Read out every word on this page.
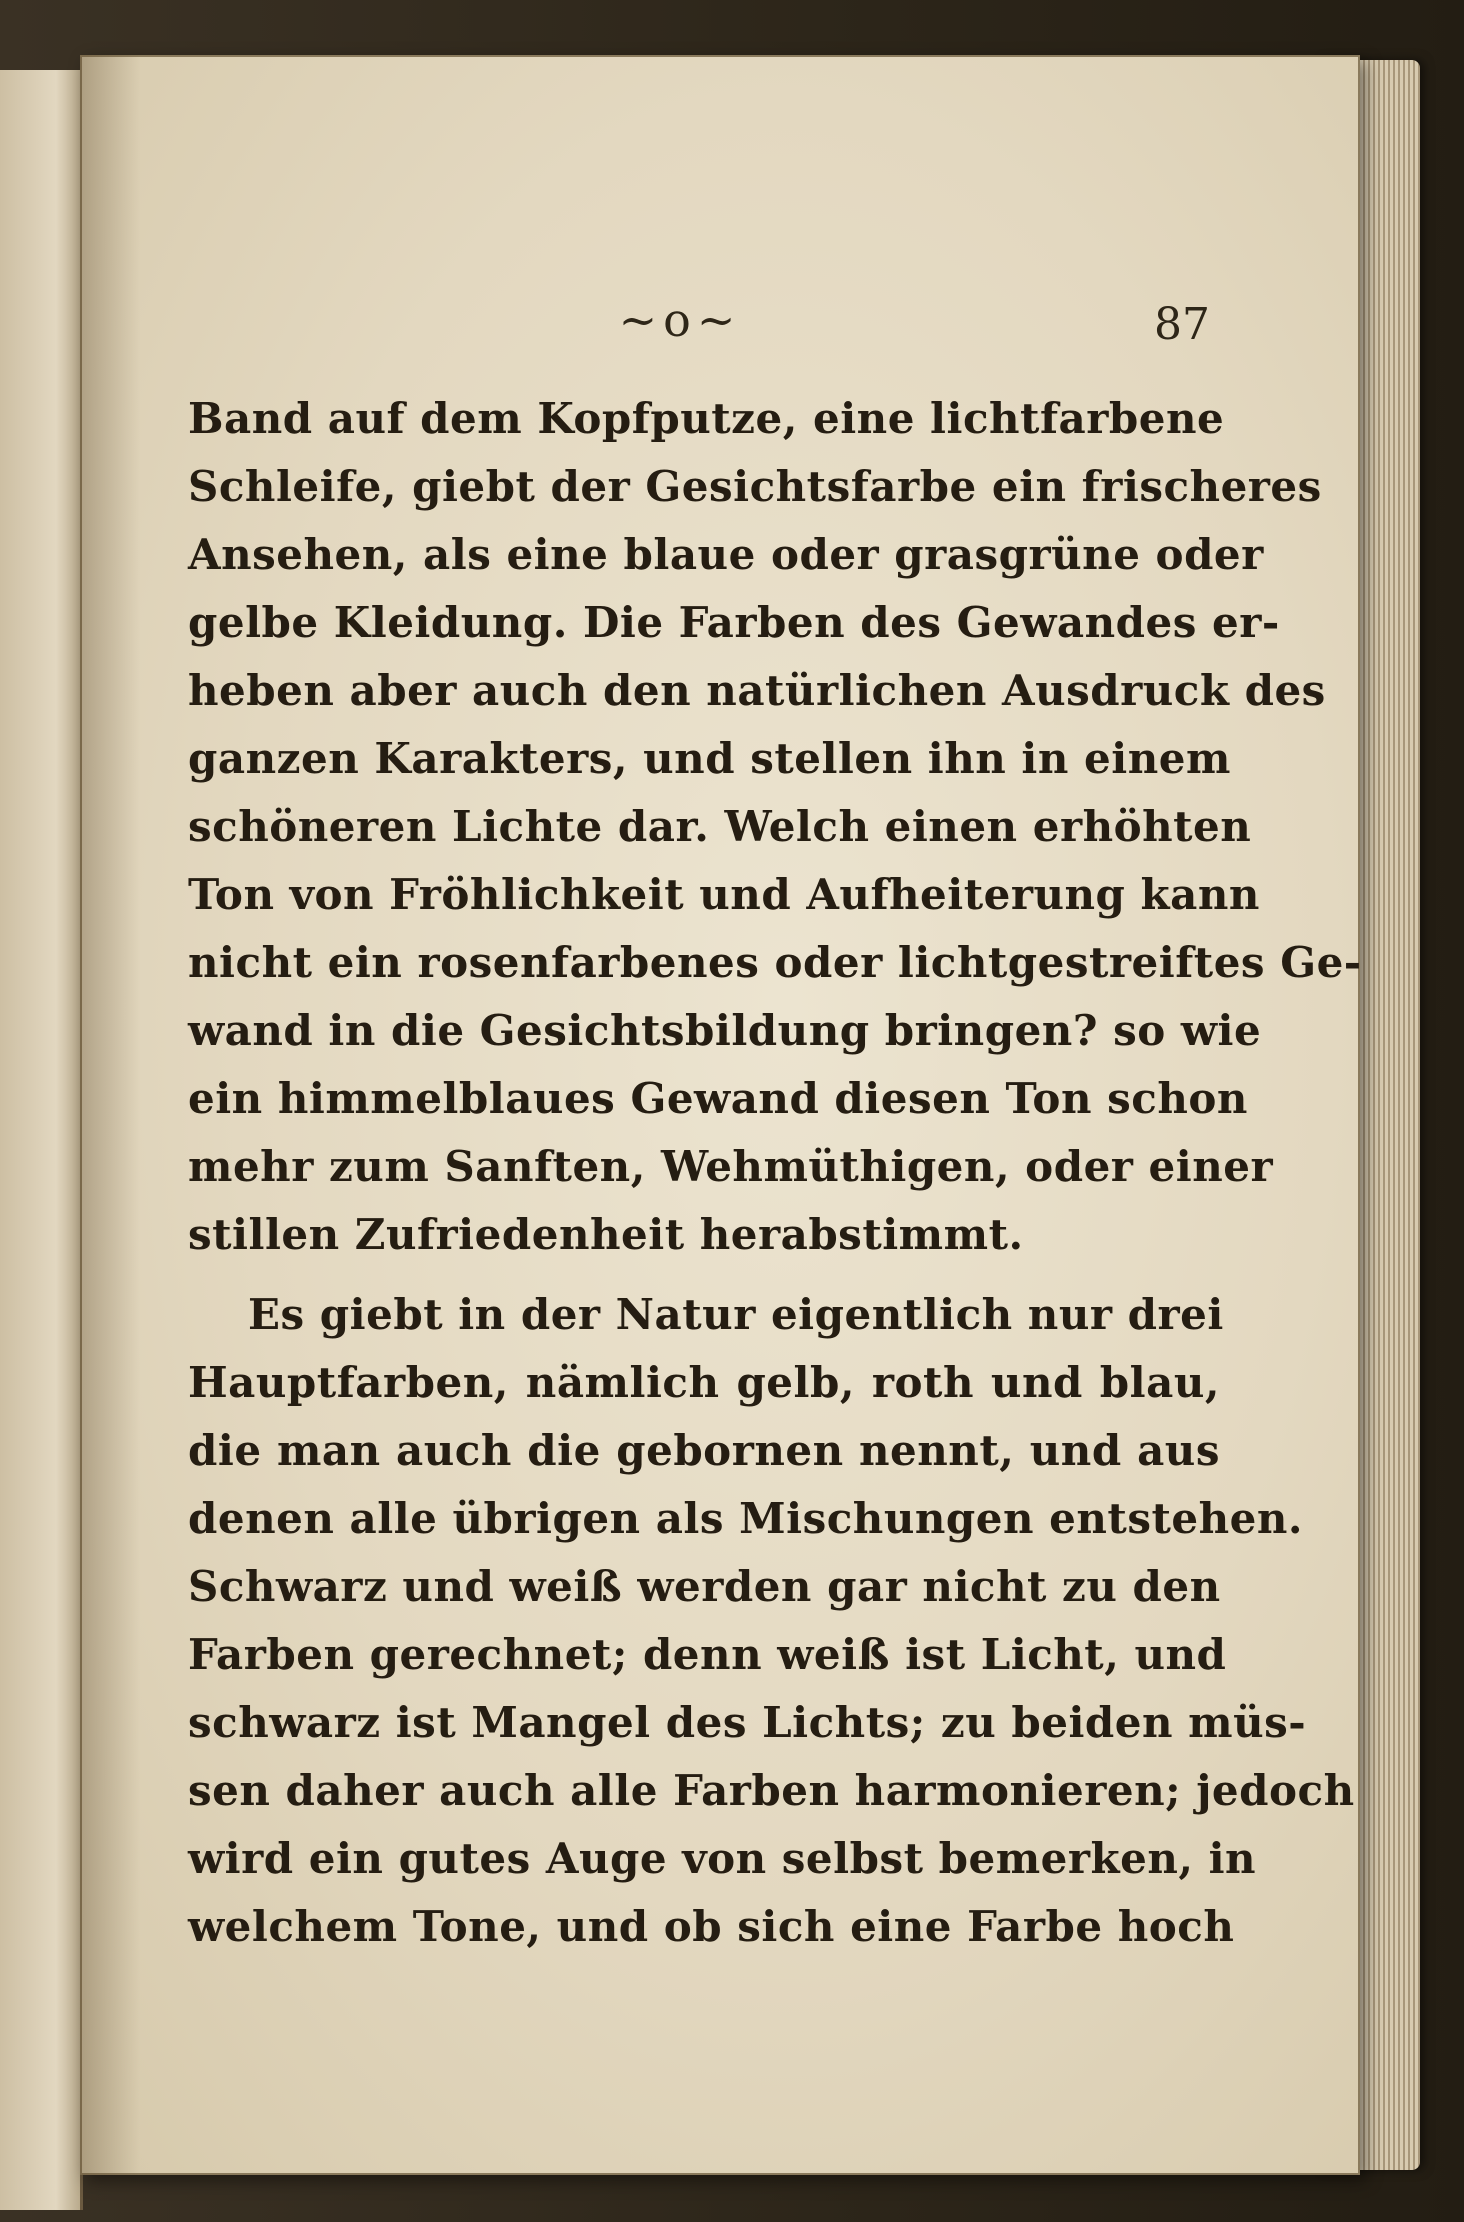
~o~	87
Band auf dem Kopfputze, eine lichtfarbene
Schleife, giebt der Gesichtsfarbe ein frischeres
Ansehen, als eine blaue oder grasgrüne oder
gelbe Kleidung. Die Farben des Gewandes er-
heben aber auch den natürlichen Ausdruck des
ganzen Karakters, und stellen ihn in einem
schöneren Lichte dar. Welch einen erhöhten
Ton von Fröhlichkeit und Aufheiterung kann
nicht ein rosenfarbenes oder lichtgestreiftes Ge-
wand in die Gesichtsbildung bringen? so wie
ein himmelblaues Gewand diesen Ton schon
mehr zum Sanften, Wehmüthigen, oder einer
stillen Zufriedenheit herabstimmt.
Es giebt in der Natur eigentlich nur drei
Hauptfarben, nämlich gelb, roth und blau,
die man auch die gebornen nennt, und aus
denen alle übrigen als Mischungen entstehen.
Schwarz und weiß werden gar nicht zu den
Farben gerechnet; denn weiß ist Licht, und
schwarz ist Mangel des Lichts; zu beiden müs-
sen daher auch alle Farben harmonieren; jedoch
wird ein gutes Auge von selbst bemerken, in
welchem Tone, und ob sich eine Farbe hoch
